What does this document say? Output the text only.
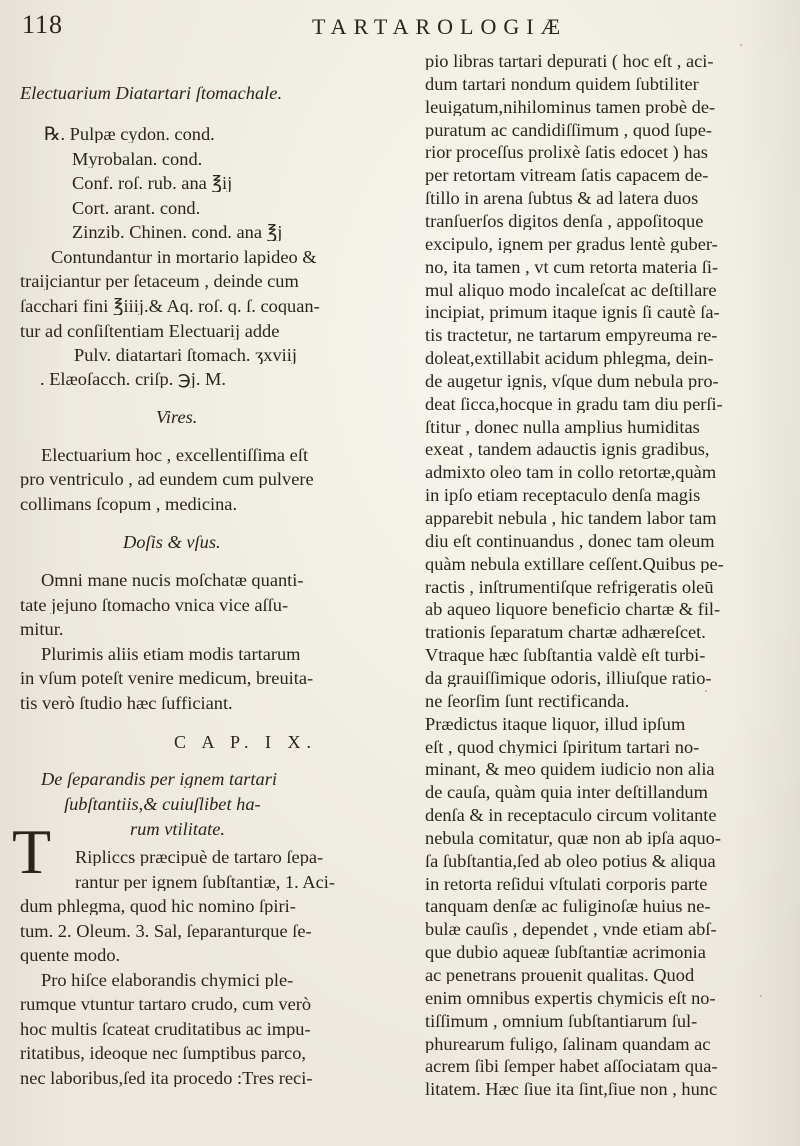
118	TARTAROLOGIÆ

Electuarium Diatartari ſtomachale.

℞. Pulpæ cydon. cond.

Myrobalan. cond.

Conf. roſ. rub. ana ℥ij

Cort. arant. cond.

Zinzib. Chinen. cond. ana ℥j

Contundantur in mortario lapideo &

traijciantur per ſetaceum , deinde cum

ſacchari fini ℥iiij.& Aq. roſ. q. ſ. coquan-

tur ad conſiſtentiam Electuarij adde

Pulv. diatartari ſtomach. ʒxviij

. Elæoſacch. criſp. ℈j. M.

Vires.

Electuarium hoc , excellentiſſima eſt

pro ventriculo , ad eundem cum pulvere

collimans ſcopum , medicina.

Doſis & vſus.

Omni mane nucis moſchatæ quanti-

tate jejuno ſtomacho vnica vice aſſu-

mitur.

Plurimis aliis etiam modis tartarum

in vſum poteſt venire medicum, breuita-

tis verò ſtudio hæc ſufficiant.

C A P. I X.

De ſeparandis per ignem tartari

ſubſtantiis,& cuiuſlibet ha-

rum vtilitate.

Ripliccs præcipuè de tartaro ſepa-

rantur per ignem ſubſtantiæ, 1. Aci-

dum phlegma, quod hic nomino ſpiri-

tum. 2. Oleum. 3. Sal, ſeparanturque ſe-

quente modo.

Pro hiſce elaborandis chymici ple-

rumque vtuntur tartaro crudo, cum verò

hoc multis ſcateat cruditatibus ac impu-

ritatibus, ideoque nec ſumptibus parco,

nec laboribus,ſed ita procedo :Tres reci-

T

pio libras tartari depurati ( hoc eſt , aci-

dum tartari nondum quidem ſubtiliter

leuigatum,nihilominus tamen probè de-

puratum ac candidiſſimum , quod ſupe-

rior proceſſus prolixè ſatis edocet ) has

per retortam vitream ſatis capacem de-

ſtillo in arena ſubtus & ad latera duos

tranſuerſos digitos denſa , appoſitoque

excipulo, ignem per gradus lentè guber-

no, ita tamen , vt cum retorta materia ſi-

mul aliquo modo incaleſcat ac deſtillare

incipiat, primum itaque ignis ſi cautè ſa-

tis tractetur, ne tartarum empyreuma re-

doleat,extillabit acidum phlegma, dein-

de augetur ignis, vſque dum nebula pro-

deat ſicca,hocque in gradu tam diu perſi-

ſtitur , donec nulla amplius humiditas

exeat , tandem adauctis ignis gradibus,

admixto oleo tam in collo retortæ,quàm

in ipſo etiam receptaculo denſa magis

apparebit nebula , hic tandem labor tam

diu eſt continuandus , donec tam oleum

quàm nebula extillare ceſſent.Quibus pe-

ractis , inſtrumentiſque refrigeratis oleū

ab aqueo liquore beneficio chartæ & fil-

trationis ſeparatum chartæ adhæreſcet.

Vtraque hæc ſubſtantia valdè eſt turbi-

da grauiſſimique odoris, illiuſque ratio-

ne ſeorſim ſunt rectificanda.

Prædictus itaque liquor, illud ipſum

eſt , quod chymici ſpiritum tartari no-

minant, & meo quidem iudicio non alia

de cauſa, quàm quia inter deſtillandum

denſa & in receptaculo circum volitante

nebula comitatur, quæ non ab ipſa aquo-

ſa ſubſtantia,ſed ab oleo potius & aliqua

in retorta reſidui vſtulati corporis parte

tanquam denſæ ac fuliginoſæ huius ne-

bulæ cauſis , dependet , vnde etiam abſ-

que dubio aqueæ ſubſtantiæ acrimonia

ac penetrans prouenit qualitas. Quod

enim omnibus expertis chymicis eſt no-

tiſſimum , omnium ſubſtantiarum ſul-

phurearum fuligo, ſalinam quandam ac

acrem ſibi ſemper habet aſſociatam qua-

litatem. Hæc ſiue ita ſint,ſiue non , hunc
